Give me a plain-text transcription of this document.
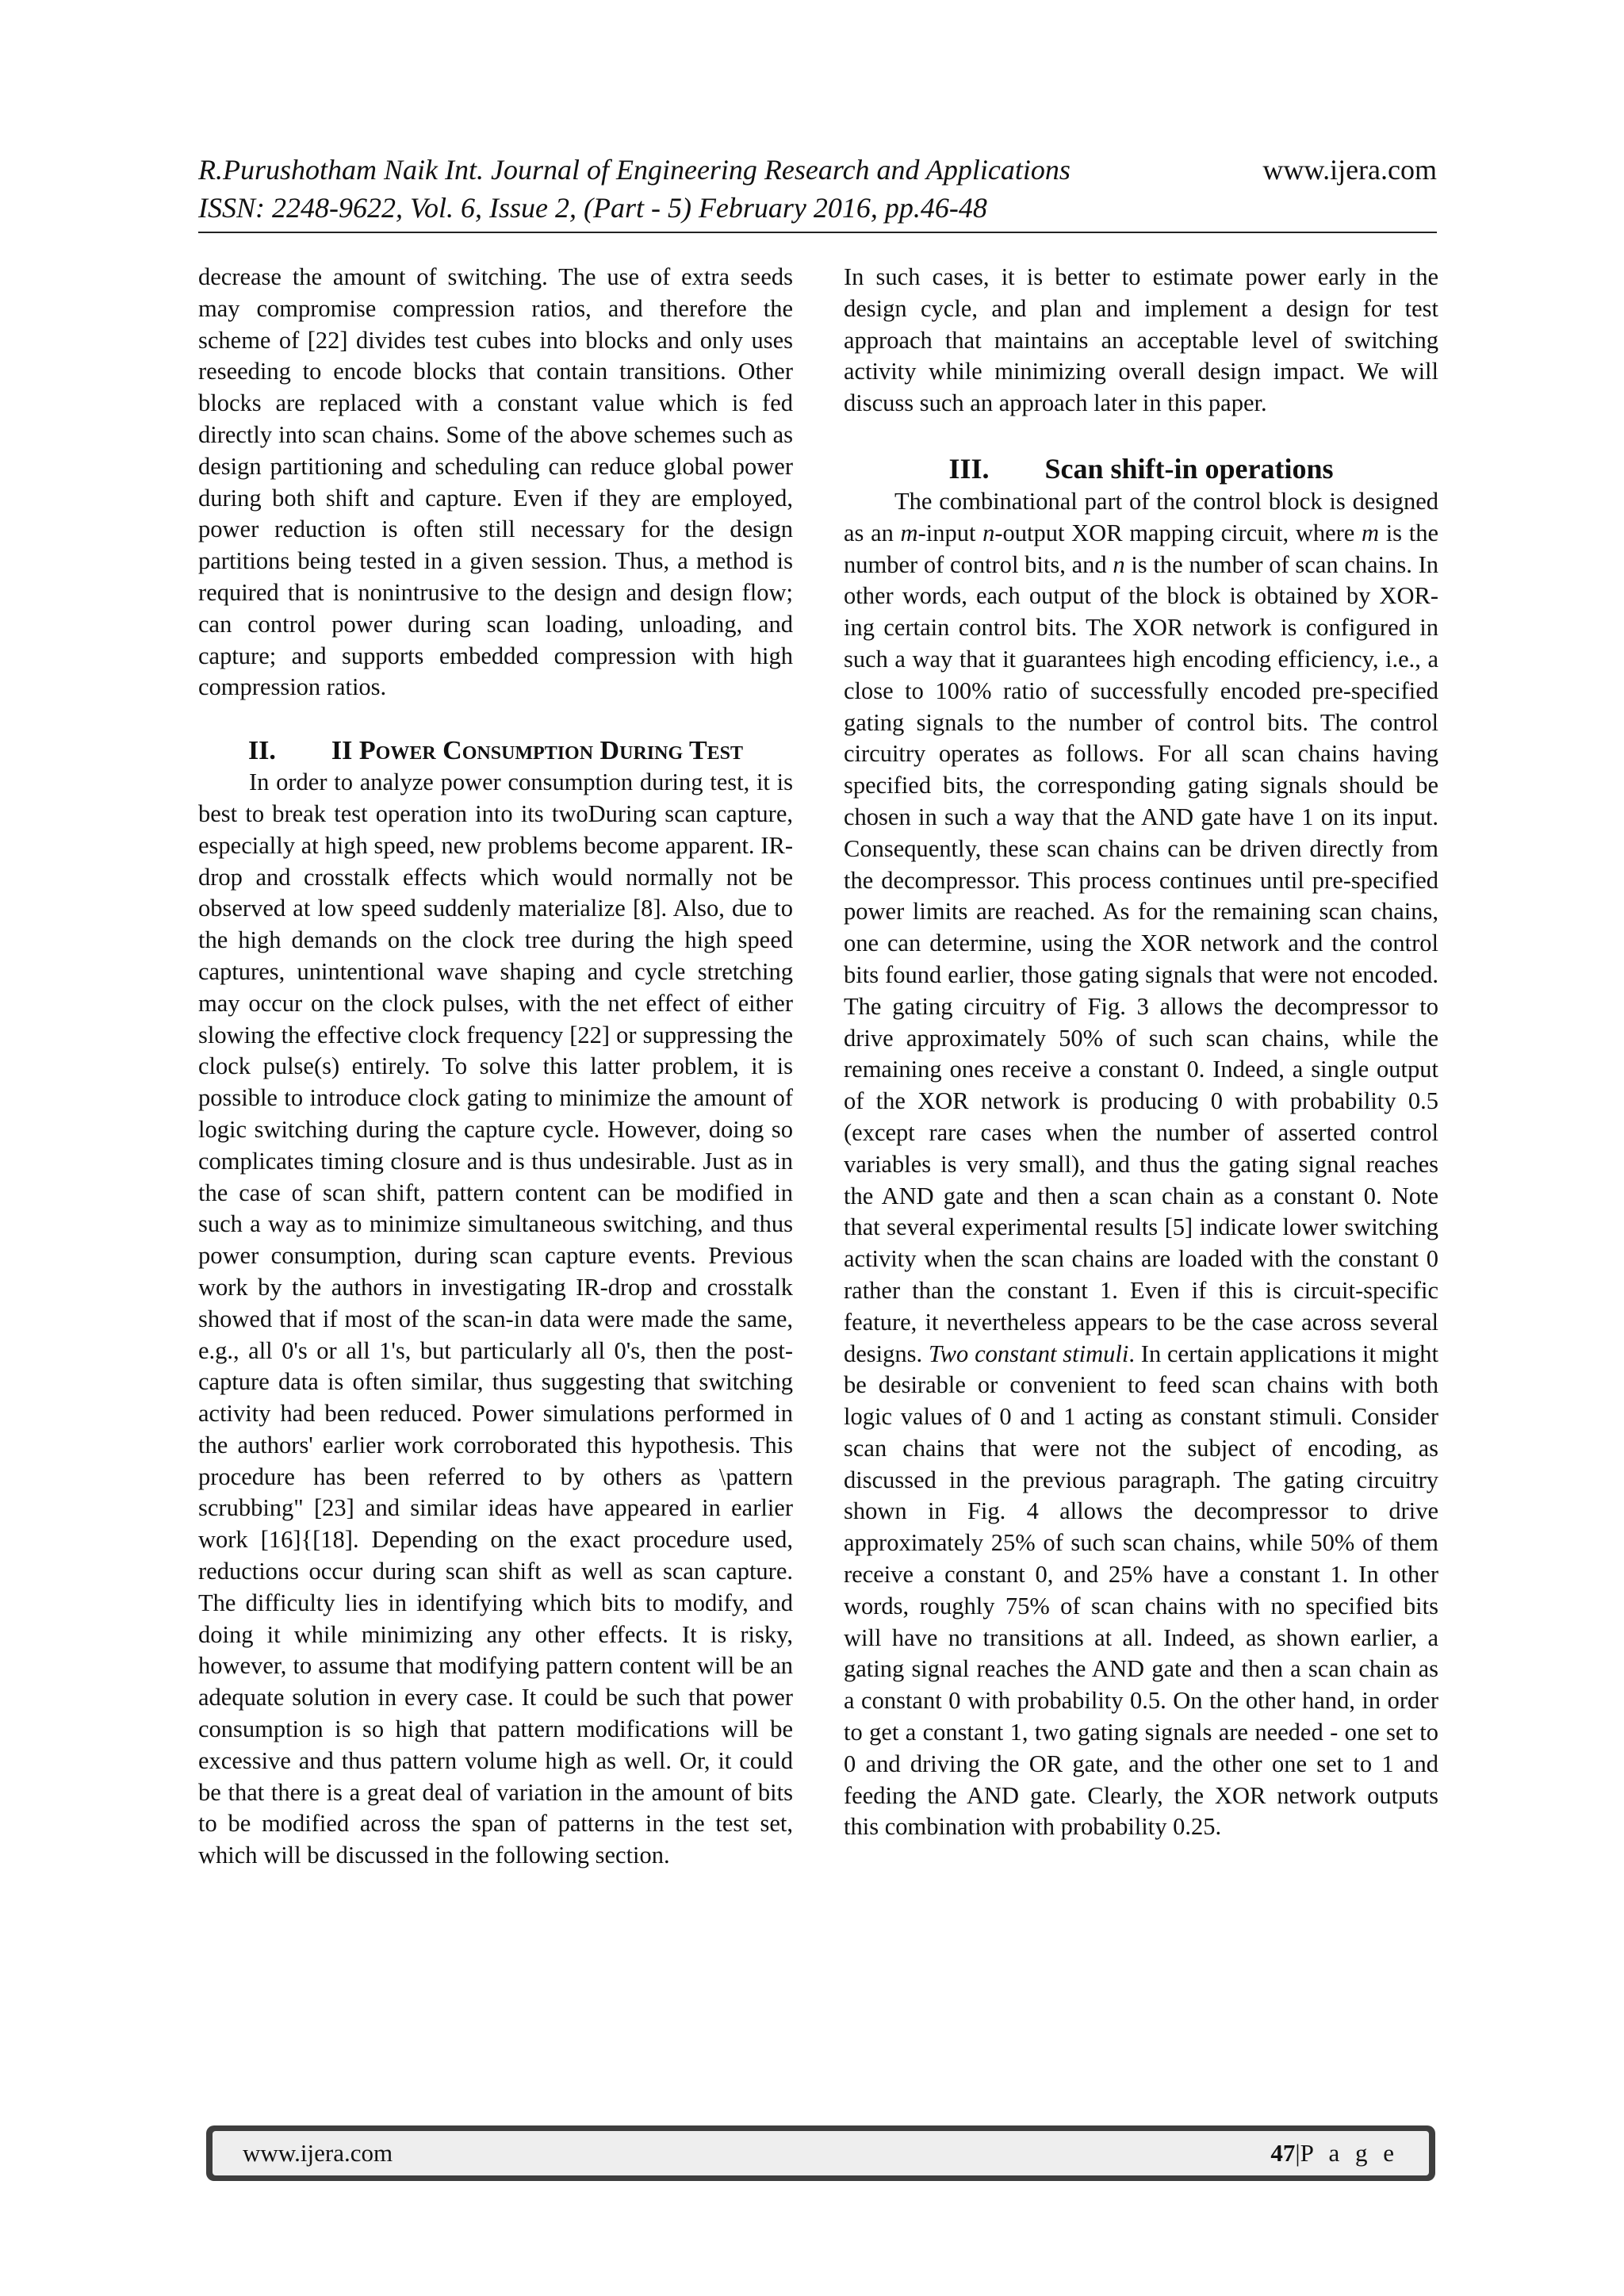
R.Purushotham Naik Int. Journal of Engineering Research and Applications	www.ijera.com
ISSN: 2248-9622, Vol. 6, Issue 2, (Part - 5) February 2016, pp.46-48

decrease the amount of switching. The use of extra seeds may compromise compression ratios, and therefore the scheme of [22] divides test cubes into blocks and only uses reseeding to encode blocks that contain transitions. Other blocks are replaced with a constant value which is fed directly into scan chains. Some of the above schemes such as design partitioning and scheduling can reduce global power during both shift and capture. Even if they are employed, power reduction is often still necessary for the design partitions being tested in a given session. Thus, a method is required that is nonintrusive to the design and design flow; can control power during scan loading, unloading, and capture; and supports embedded compression with high compression ratios.

II. II Power Consumption During Test

In order to analyze power consumption during test, it is best to break test operation into its twoDuring scan capture, especially at high speed, new problems become apparent. IR-drop and crosstalk effects which would normally not be observed at low speed suddenly materialize [8]. Also, due to the high demands on the clock tree during the high speed captures, unintentional wave shaping and cycle stretching may occur on the clock pulses, with the net effect of either slowing the effective clock frequency [22] or suppressing the clock pulse(s) entirely. To solve this latter problem, it is possible to introduce clock gating to minimize the amount of logic switching during the capture cycle. However, doing so complicates timing closure and is thus undesirable. Just as in the case of scan shift, pattern content can be modified in such a way as to minimize simultaneous switching, and thus power consumption, during scan capture events. Previous work by the authors in investigating IR-drop and crosstalk showed that if most of the scan-in data were made the same, e.g., all 0's or all 1's, but particularly all 0's, then the post-capture data is often similar, thus suggesting that switching activity had been reduced. Power simulations performed in the authors' earlier work corroborated this hypothesis. This procedure has been referred to by others as \pattern scrubbing" [23] and similar ideas have appeared in earlier work [16]{[18]. Depending on the exact procedure used, reductions occur during scan shift as well as scan capture. The difficulty lies in identifying which bits to modify, and doing it while minimizing any other effects. It is risky, however, to assume that modifying pattern content will be an adequate solution in every case. It could be such that power consumption is so high that pattern modifications will be excessive and thus pattern volume high as well. Or, it could be that there is a great deal of variation in the amount of bits to be modified across the span of patterns in the test set, which will be discussed in the following section.

In such cases, it is better to estimate power early in the design cycle, and plan and implement a design for test approach that maintains an acceptable level of switching activity while minimizing overall design impact. We will discuss such an approach later in this paper.

III. Scan shift-in operations

The combinational part of the control block is designed as an m-input n-output XOR mapping circuit, where m is the number of control bits, and n is the number of scan chains. In other words, each output of the block is obtained by XOR-ing certain control bits. The XOR network is configured in such a way that it guarantees high encoding efficiency, i.e., a close to 100% ratio of successfully encoded pre-specified gating signals to the number of control bits. The control circuitry operates as follows. For all scan chains having specified bits, the corresponding gating signals should be chosen in such a way that the AND gate have 1 on its input. Consequently, these scan chains can be driven directly from the decompressor. This process continues until pre-specified power limits are reached. As for the remaining scan chains, one can determine, using the XOR network and the control bits found earlier, those gating signals that were not encoded. The gating circuitry of Fig. 3 allows the decompressor to drive approximately 50% of such scan chains, while the remaining ones receive a constant 0. Indeed, a single output of the XOR network is producing 0 with probability 0.5 (except rare cases when the number of asserted control variables is very small), and thus the gating signal reaches the AND gate and then a scan chain as a constant 0. Note that several experimental results [5] indicate lower switching activity when the scan chains are loaded with the constant 0 rather than the constant 1. Even if this is circuit-specific feature, it nevertheless appears to be the case across several designs. Two constant stimuli. In certain applications it might be desirable or convenient to feed scan chains with both logic values of 0 and 1 acting as constant stimuli. Consider scan chains that were not the subject of encoding, as discussed in the previous paragraph. The gating circuitry shown in Fig. 4 allows the decompressor to drive approximately 25% of such scan chains, while 50% of them receive a constant 0, and 25% have a constant 1. In other words, roughly 75% of scan chains with no specified bits will have no transitions at all. Indeed, as shown earlier, a gating signal reaches the AND gate and then a scan chain as a constant 0 with probability 0.5. On the other hand, in order to get a constant 1, two gating signals are needed - one set to 0 and driving the OR gate, and the other one set to 1 and feeding the AND gate. Clearly, the XOR network outputs this combination with probability 0.25.

www.ijera.com	47|P a g e
